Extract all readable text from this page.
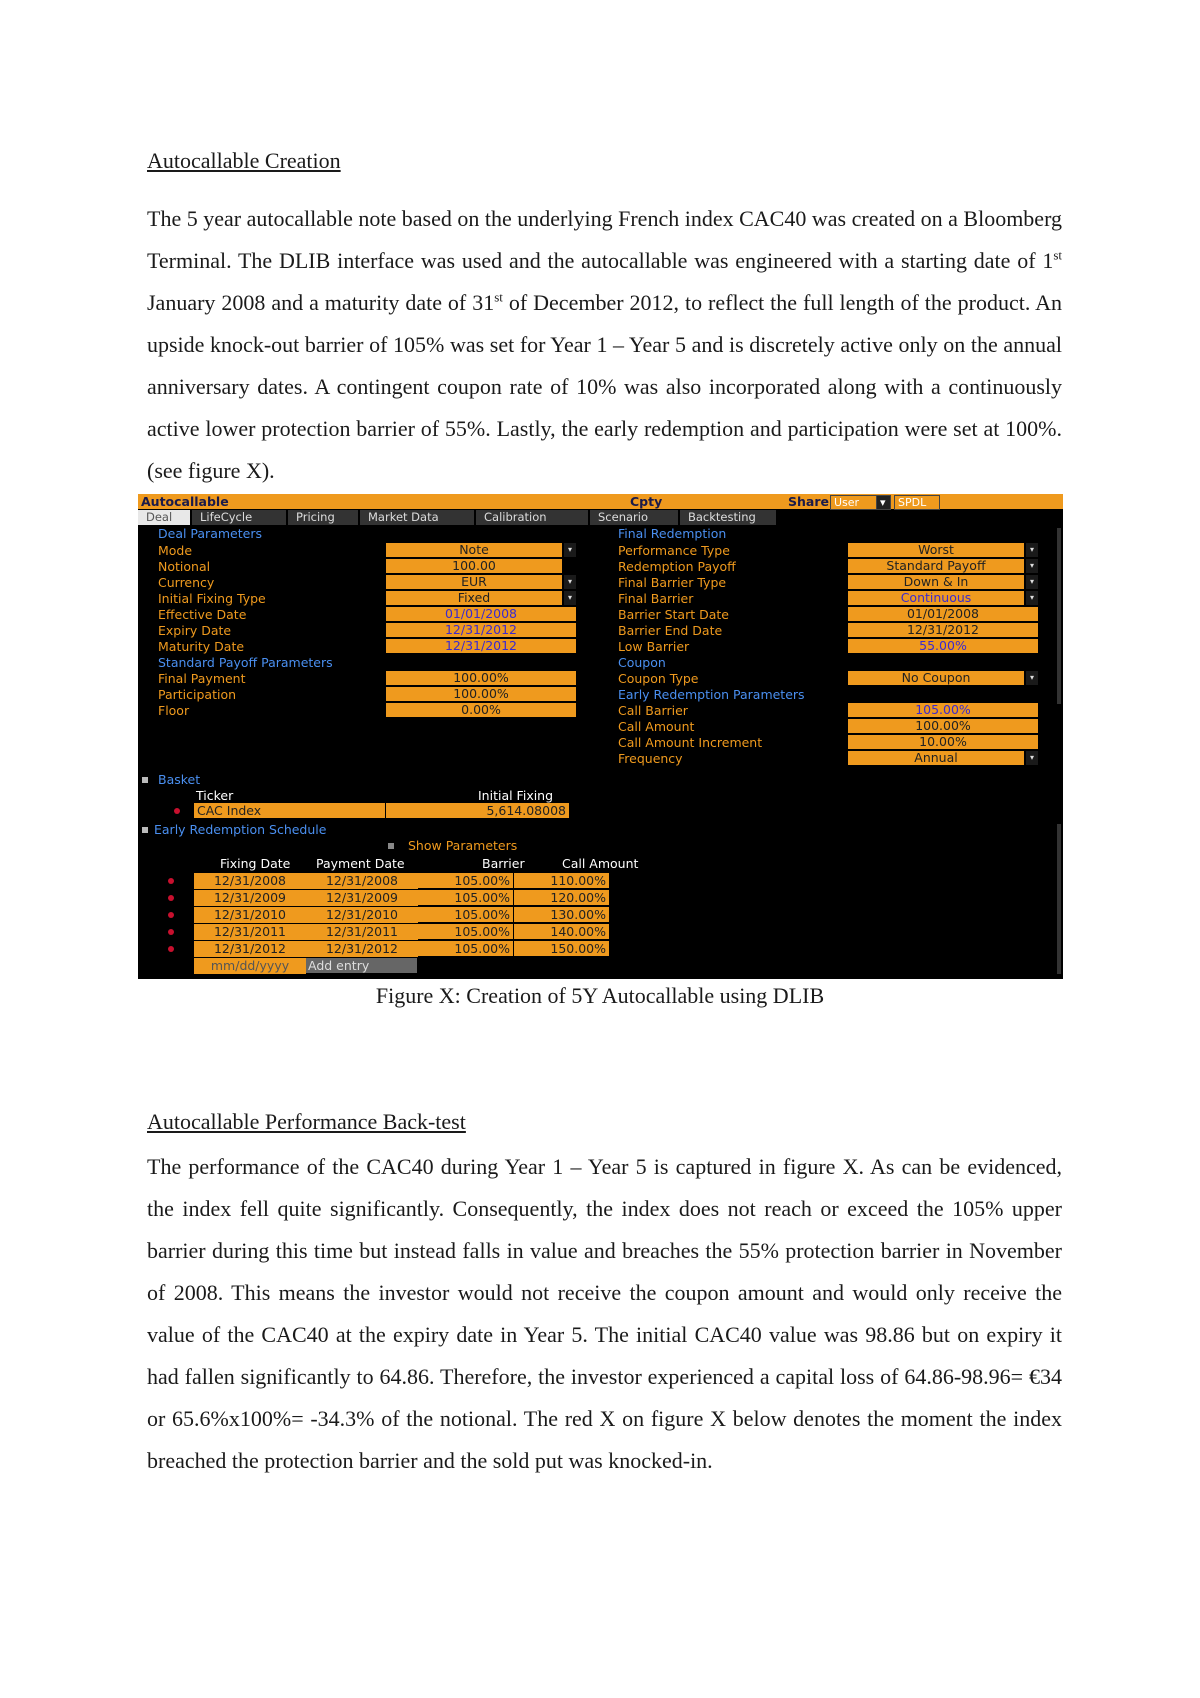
Autocallable Creation

The 5 year autocallable note based on the underlying French index CAC40 was created on a Bloomberg Terminal. The DLIB interface was used and the autocallable was engineered with a starting date of 1st January 2008 and a maturity date of 31st of December 2012, to reflect the full length of the product. An upside knock-out barrier of 105% was set for Year 1 – Year 5 and is discretely active only on the annual anniversary dates. A contingent coupon rate of 10% was also incorporated along with a continuously active lower protection barrier of 55%. Lastly, the early redemption and participation were set at 100%. (see figure X).

Autocallable	Cpty	Share User	▾	SPDL
Deal	LifeCycle	Pricing	Market Data	Calibration	Scenario	Backtesting
Deal Parameters
Mode	Note	▾
Notional	100.00
Currency	EUR	▾
Initial Fixing Type	Fixed	▾
Effective Date	01/01/2008
Expiry Date	12/31/2012
Maturity Date	12/31/2012
Standard Payoff Parameters
Final Payment	100.00%
Participation	100.00%
Floor	0.00%
Final Redemption
Performance Type	Worst	▾
Redemption Payoff	Standard Payoff	▾
Final Barrier Type	Down & In	▾
Final Barrier	Continuous	▾
Barrier Start Date	01/01/2008
Barrier End Date	12/31/2012
Low Barrier	55.00%
Coupon
Coupon Type	No Coupon	▾
Early Redemption Parameters
Call Barrier	105.00%
Call Amount	100.00%
Call Amount Increment	10.00%
Frequency	Annual	▾
Basket
Ticker	Initial Fixing
CAC Index	5,614.08008
Early Redemption Schedule
Show Parameters
Fixing Date Payment Date	Barrier	Call Amount
12/31/2008	12/31/2008	105.00%	110.00%
12/31/2009	12/31/2009	105.00%	120.00%
12/31/2010	12/31/2010	105.00%	130.00%
12/31/2011	12/31/2011	105.00%	140.00%
12/31/2012	12/31/2012	105.00%	150.00%
mm/dd/yyyy	Add entry
Figure X: Creation of 5Y Autocallable using DLIB
Autocallable Performance Back-test

The performance of the CAC40 during Year 1 – Year 5 is captured in figure X. As can be evidenced, the index fell quite significantly. Consequently, the index does not reach or exceed the 105% upper barrier during this time but instead falls in value and breaches the 55% protection barrier in November of 2008. This means the investor would not receive the coupon amount and would only receive the value of the CAC40 at the expiry date in Year 5. The initial CAC40 value was 98.86 but on expiry it had fallen significantly to 64.86. Therefore, the investor experienced a capital loss of 64.86-98.96= €34 or 65.6%x100%= -34.3% of the notional. The red X on figure X below denotes the moment the index breached the protection barrier and the sold put was knocked-in.
